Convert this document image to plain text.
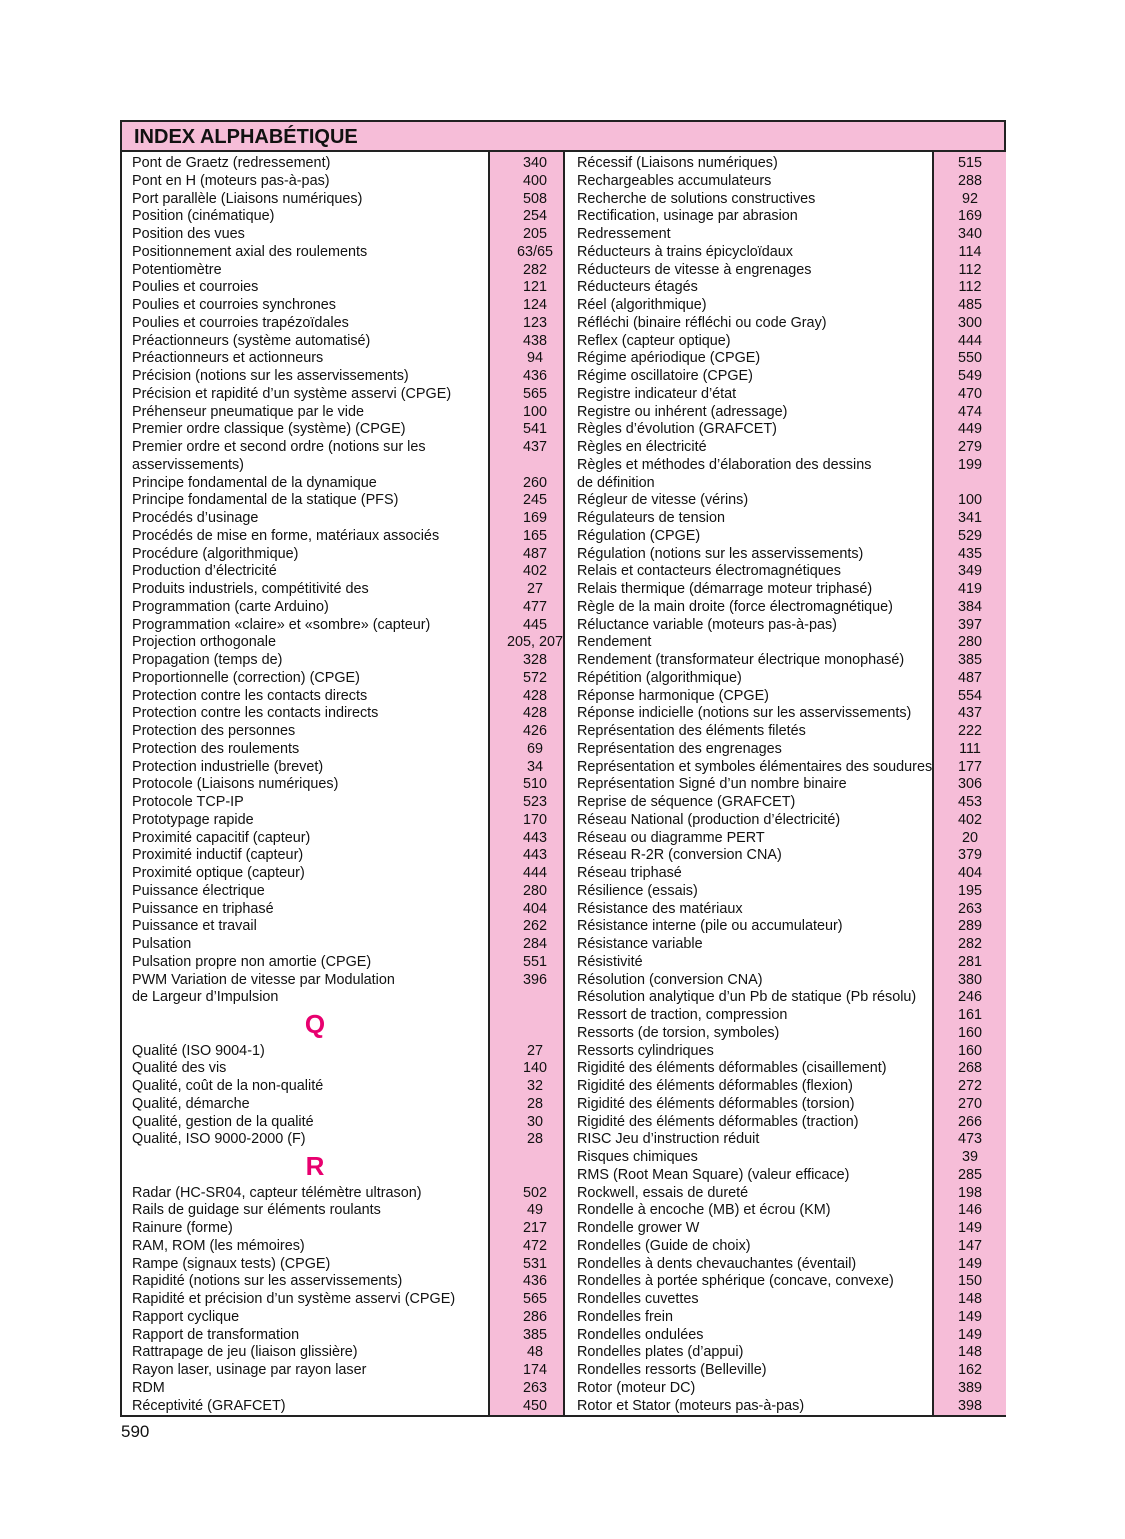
INDEX ALPHABÉTIQUE
Pont de Graetz (redressement)	340
Pont en H (moteurs pas-à-pas)	400
Port parallèle (Liaisons numériques)	508
Position (cinématique)	254
Position des vues	205
Positionnement axial des roulements	63/65
Potentiomètre	282
Poulies et courroies	121
Poulies et courroies synchrones	124
Poulies et courroies trapézoïdales	123
Préactionneurs (système automatisé)	438
Préactionneurs et actionneurs	94
Précision (notions sur les asservissements)	436
Précision et rapidité d’un système asservi (CPGE)	565
Préhenseur pneumatique par le vide	100
Premier ordre classique (système) (CPGE)	541
Premier ordre et second ordre (notions sur les	437
asservissements)
Principe fondamental de la dynamique	260
Principe fondamental de la statique (PFS)	245
Procédés d’usinage	169
Procédés de mise en forme, matériaux associés	165
Procédure (algorithmique)	487
Production d’électricité	402
Produits industriels, compétitivité des	27
Programmation (carte Arduino)	477
Programmation «claire» et «sombre» (capteur)	445
Projection orthogonale	205, 207
Propagation (temps de)	328
Proportionnelle (correction) (CPGE)	572
Protection contre les contacts directs	428
Protection contre les contacts indirects	428
Protection des personnes	426
Protection des roulements	69
Protection industrielle (brevet)	34
Protocole (Liaisons numériques)	510
Protocole TCP-IP	523
Prototypage rapide	170
Proximité capacitif (capteur)	443
Proximité inductif (capteur)	443
Proximité optique (capteur)	444
Puissance électrique	280
Puissance en triphasé	404
Puissance et travail	262
Pulsation	284
Pulsation propre non amortie (CPGE)	551
PWM Variation de vitesse par Modulation	396
de Largeur d’Impulsion
Q
Qualité (ISO 9004-1)	27
Qualité des vis	140
Qualité, coût de la non-qualité	32
Qualité, démarche	28
Qualité, gestion de la qualité	30
Qualité, ISO 9000-2000 (F)	28
R
Radar (HC-SR04, capteur télémètre ultrason)	502
Rails de guidage sur éléments roulants	49
Rainure (forme)	217
RAM, ROM (les mémoires)	472
Rampe (signaux tests) (CPGE)	531
Rapidité (notions sur les asservissements)	436
Rapidité et précision d’un système asservi (CPGE)	565
Rapport cyclique	286
Rapport de transformation	385
Rattrapage de jeu (liaison glissière)	48
Rayon laser, usinage par rayon laser	174
RDM	263
Réceptivité (GRAFCET)	450
Récessif (Liaisons numériques)	515
Rechargeables accumulateurs	288
Recherche de solutions constructives	92
Rectification, usinage par abrasion	169
Redressement	340
Réducteurs à trains épicycloïdaux	114
Réducteurs de vitesse à engrenages	112
Réducteurs étagés	112
Réel (algorithmique)	485
Réfléchi (binaire réfléchi ou code Gray)	300
Reflex (capteur optique)	444
Régime apériodique (CPGE)	550
Régime oscillatoire (CPGE)	549
Registre indicateur d’état	470
Registre ou inhérent (adressage)	474
Règles d’évolution (GRAFCET)	449
Règles en électricité	279
Règles et méthodes d’élaboration des dessins	199
de définition
Régleur de vitesse (vérins)	100
Régulateurs de tension	341
Régulation (CPGE)	529
Régulation (notions sur les asservissements)	435
Relais et contacteurs électromagnétiques	349
Relais thermique (démarrage moteur triphasé)	419
Règle de la main droite (force électromagnétique)	384
Réluctance variable (moteurs pas-à-pas)	397
Rendement	280
Rendement (transformateur électrique monophasé)	385
Répétition (algorithmique)	487
Réponse harmonique (CPGE)	554
Réponse indicielle (notions sur les asservissements)	437
Représentation des éléments filetés	222
Représentation des engrenages	111
Représentation et symboles élémentaires des soudures	177
Représentation Signé d’un nombre binaire	306
Reprise de séquence (GRAFCET)	453
Réseau National (production d’électricité)	402
Réseau ou diagramme PERT	20
Réseau R-2R (conversion CNA)	379
Réseau triphasé	404
Résilience (essais)	195
Résistance des matériaux	263
Résistance interne (pile ou accumulateur)	289
Résistance variable	282
Résistivité	281
Résolution (conversion CNA)	380
Résolution analytique d’un Pb de statique (Pb résolu)	246
Ressort de traction, compression	161
Ressorts (de torsion, symboles)	160
Ressorts cylindriques	160
Rigidité des éléments déformables (cisaillement)	268
Rigidité des éléments déformables (flexion)	272
Rigidité des éléments déformables (torsion)	270
Rigidité des éléments déformables (traction)	266
RISC Jeu d’instruction réduit	473
Risques chimiques	39
RMS (Root Mean Square) (valeur efficace)	285
Rockwell, essais de dureté	198
Rondelle à encoche (MB) et écrou (KM)	146
Rondelle grower W	149
Rondelles (Guide de choix)	147
Rondelles à dents chevauchantes (éventail)	149
Rondelles à portée sphérique (concave, convexe)	150
Rondelles cuvettes	148
Rondelles frein	149
Rondelles ondulées	149
Rondelles plates (d’appui)	148
Rondelles ressorts (Belleville)	162
Rotor (moteur DC)	389
Rotor et Stator (moteurs pas-à-pas)	398
590
